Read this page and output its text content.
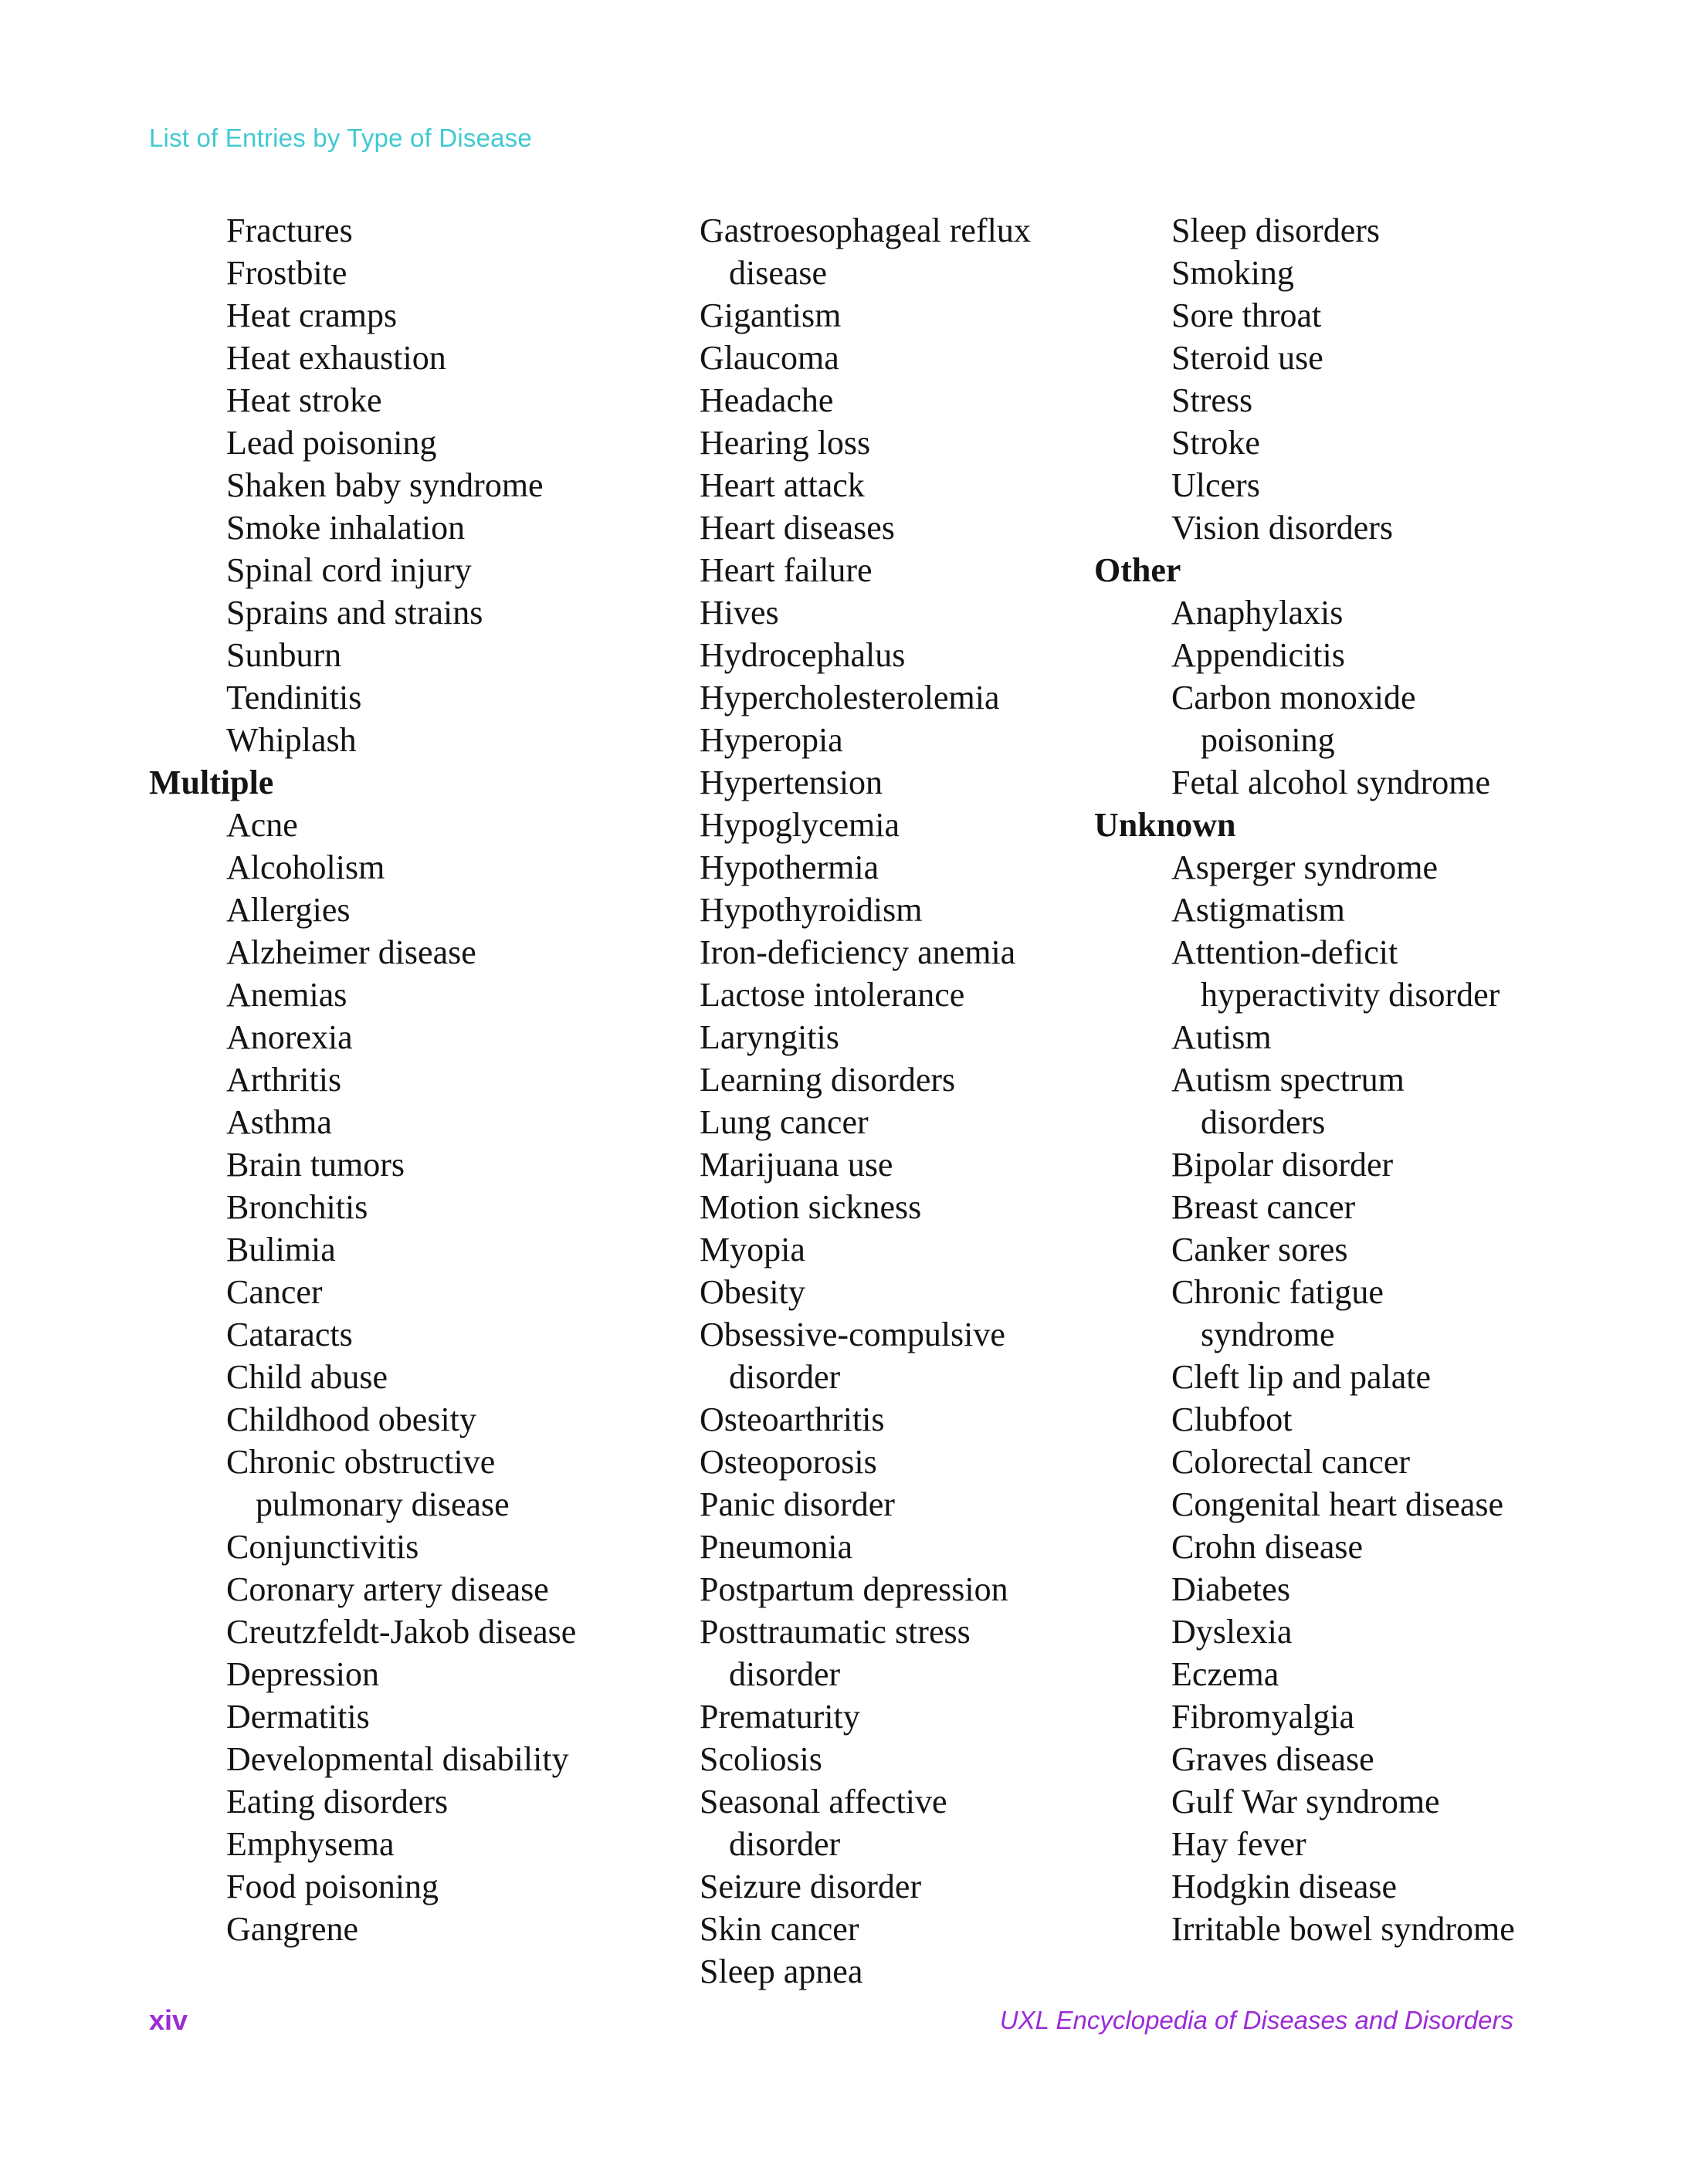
List of Entries by Type of Disease
Fractures
Frostbite
Heat cramps
Heat exhaustion
Heat stroke
Lead poisoning
Shaken baby syndrome
Smoke inhalation
Spinal cord injury
Sprains and strains
Sunburn
Tendinitis
Whiplash
Multiple
Acne
Alcoholism
Allergies
Alzheimer disease
Anemias
Anorexia
Arthritis
Asthma
Brain tumors
Bronchitis
Bulimia
Cancer
Cataracts
Child abuse
Childhood obesity
Chronic obstructive
pulmonary disease
Conjunctivitis
Coronary artery disease
Creutzfeldt-Jakob disease
Depression
Dermatitis
Developmental disability
Eating disorders
Emphysema
Food poisoning
Gangrene
Gastroesophageal reflux
disease
Gigantism
Glaucoma
Headache
Hearing loss
Heart attack
Heart diseases
Heart failure
Hives
Hydrocephalus
Hypercholesterolemia
Hyperopia
Hypertension
Hypoglycemia
Hypothermia
Hypothyroidism
Iron-deficiency anemia
Lactose intolerance
Laryngitis
Learning disorders
Lung cancer
Marijuana use
Motion sickness
Myopia
Obesity
Obsessive-compulsive
disorder
Osteoarthritis
Osteoporosis
Panic disorder
Pneumonia
Postpartum depression
Posttraumatic stress
disorder
Prematurity
Scoliosis
Seasonal affective
disorder
Seizure disorder
Skin cancer
Sleep apnea
Sleep disorders
Smoking
Sore throat
Steroid use
Stress
Stroke
Ulcers
Vision disorders
Other
Anaphylaxis
Appendicitis
Carbon monoxide
poisoning
Fetal alcohol syndrome
Unknown
Asperger syndrome
Astigmatism
Attention-deficit
hyperactivity disorder
Autism
Autism spectrum
disorders
Bipolar disorder
Breast cancer
Canker sores
Chronic fatigue
syndrome
Cleft lip and palate
Clubfoot
Colorectal cancer
Congenital heart disease
Crohn disease
Diabetes
Dyslexia
Eczema
Fibromyalgia
Graves disease
Gulf War syndrome
Hay fever
Hodgkin disease
Irritable bowel syndrome
xiv	UXL Encyclopedia of Diseases and Disorders
